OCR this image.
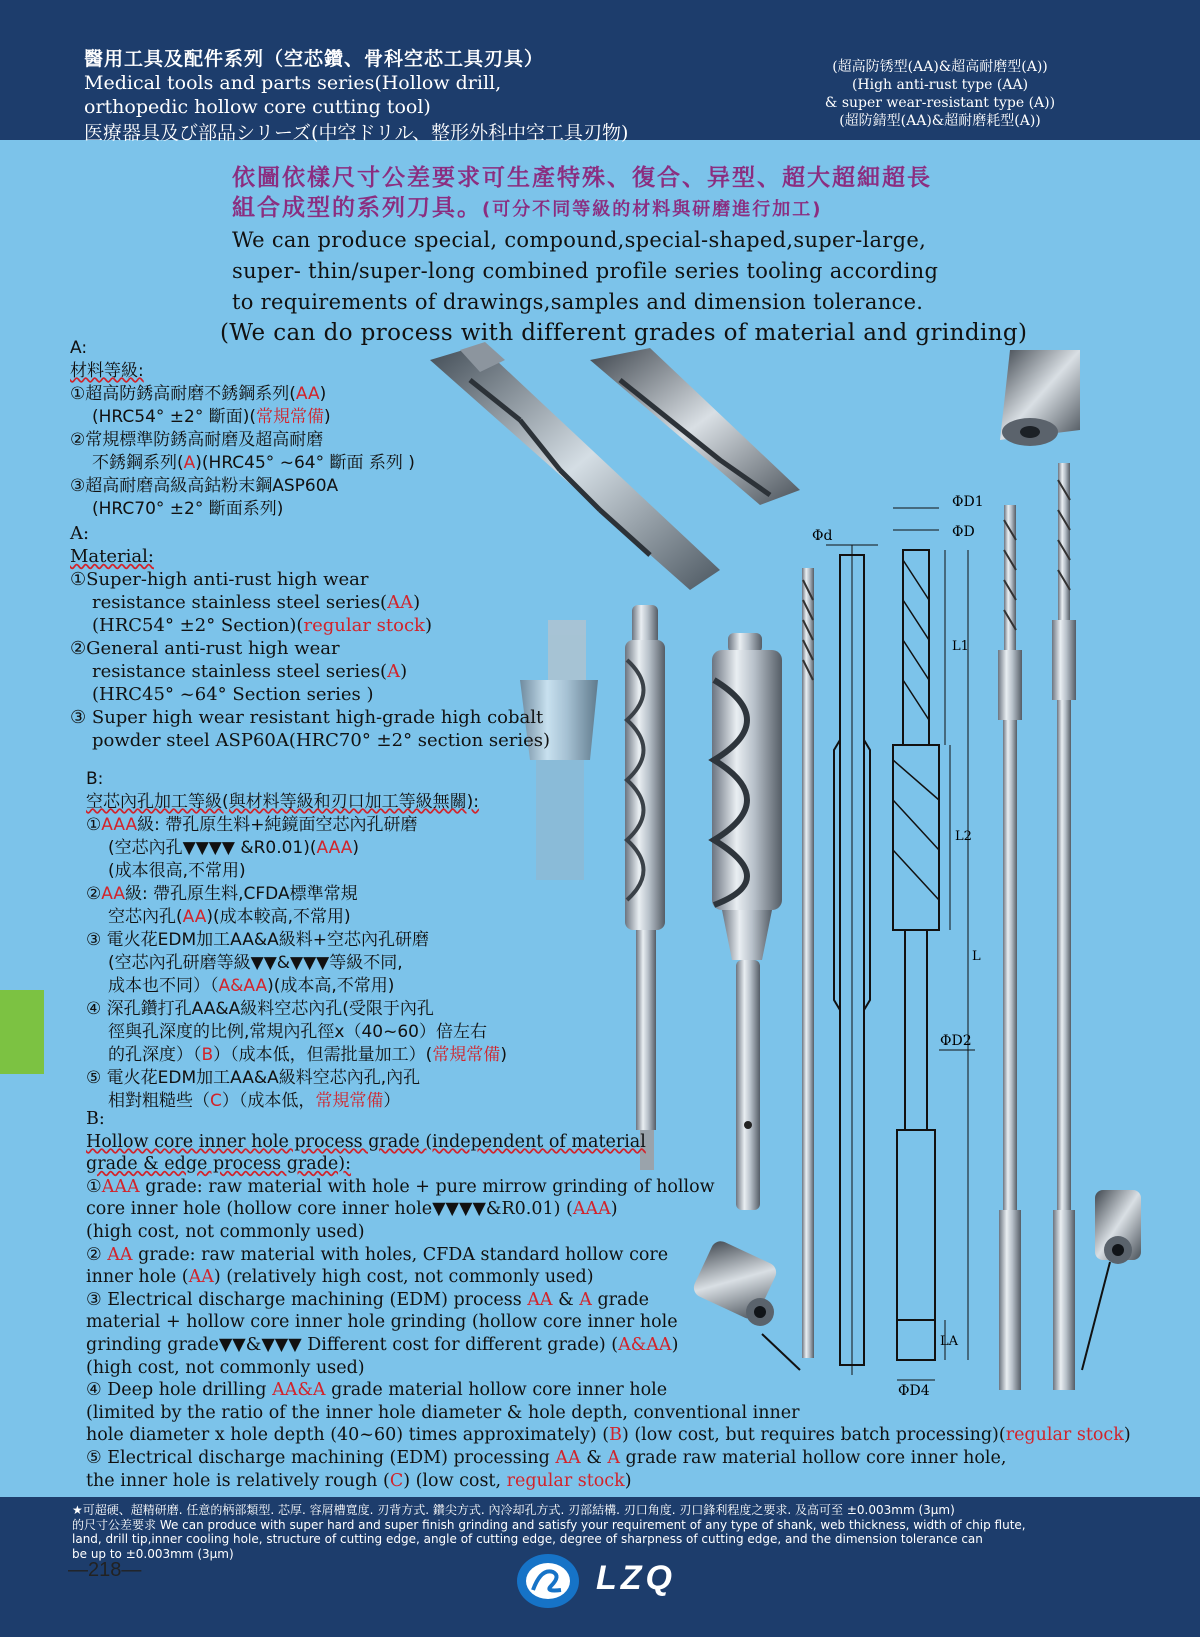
醫用工具及配件系列（空芯鑽、骨科空芯工具刃具）
Medical tools and parts series(Hollow drill,
orthopedic hollow core cutting tool)
医療器具及び部品シリーズ(中空ドリル、整形外科中空工具刃物)
(超高防锈型(AA)&超高耐磨型(A))
(High anti-rust type (AA)
& super wear-resistant type (A))
(超防錆型(AA)&超耐磨耗型(A))
ΦD1
ΦD
Φd
L1
L2
L
ΦD2
LA
ΦD4
依圖依樣尺寸公差要求可生產特殊、復合、异型、超大超細超長
組合成型的系列刀具。(可分不同等級的材料與研磨進行加工)
We can produce special, compound,special-shaped,super-large,
super- thin/super-long combined profile series tooling according
to requirements of drawings,samples and dimension tolerance.
(We can do process with different grades of material and grinding)
A:
材料等級:
①超高防銹高耐磨不銹鋼系列(AA)
(HRC54° ±2° 斷面)(常規常備)
②常規標準防銹高耐磨及超高耐磨
不銹鋼系列(A)(HRC45° ~64° 斷面 系列 )
③超高耐磨高級高鈷粉末鋼ASP60A
(HRC70° ±2° 斷面系列)
A:
Material:
①Super-high anti-rust high wear
resistance stainless steel series(AA)
(HRC54° ±2° Section)(regular stock)
②General anti-rust high wear
resistance stainless steel series(A)
(HRC45° ~64° Section series )
③ Super high wear resistant high-grade high cobalt
powder steel ASP60A(HRC70° ±2° section series)
B:
空芯內孔加工等級(與材料等級和刃口加工等級無關):
①AAA級: 帶孔原生料+純鏡面空芯內孔研磨
(空芯內孔▼▼▼▼ &R0.01)(AAA)
(成本很高,不常用)
②AA級: 帶孔原生料,CFDA標準常規
空芯內孔(AA)(成本較高,不常用)
③ 電火花EDM加工AA&A級料+空芯內孔研磨
(空芯內孔研磨等級▼▼&▼▼▼等級不同,
成本也不同）（A&AA)(成本高,不常用)
④ 深孔鑽打孔AA&A級料空芯內孔(受限于內孔
徑與孔深度的比例,常規內孔徑x（40~60）倍左右
的孔深度）（B）（成本低，但需批量加工）(常規常備)
⑤ 電火花EDM加工AA&A級料空芯內孔,內孔
相對粗糙些（C）（成本低，常規常備）
B:
Hollow core inner hole process grade (independent of material
grade & edge process grade):
①AAA grade: raw material with hole + pure mirrow grinding of hollow
core inner hole (hollow core inner hole▼▼▼▼&R0.01) (AAA)
(high cost, not commonly used)
② AA grade: raw material with holes, CFDA standard hollow core
inner hole (AA) (relatively high cost, not commonly used)
③ Electrical discharge machining (EDM) process AA & A grade
material + hollow core inner hole grinding (hollow core inner hole
grinding grade▼▼&▼▼▼ Different cost for different grade) (A&AA)
(high cost, not commonly used)
④ Deep hole drilling AA&A grade material hollow core inner hole
(limited by the ratio of the inner hole diameter & hole depth, conventional inner
hole diameter x hole depth (40~60) times approximately) (B) (low cost, but requires batch processing)(regular stock)
⑤ Electrical discharge machining (EDM) processing AA & A grade raw material hollow core inner hole,
the inner hole is relatively rough (C) (low cost, regular stock)
★可超硬、超精研磨. 任意的柄部類型. 芯厚. 容屑槽寬度. 刃背方式. 鑽尖方式. 內冷却孔方式. 刃部結構. 刃口角度. 刃口鋒利程度之要求. 及高可至 ±0.003mm (3μm)
的尺寸公差要求 We can produce with super hard and super finish grinding and satisfy your requirement of any type of shank, web thickness, width of chip flute,
land, drill tip,inner cooling hole, structure of cutting edge, angle of cutting edge, degree of sharpness of cutting edge, and the dimension tolerance can
be up to ±0.003mm (3μm)
—218—	LZQ
